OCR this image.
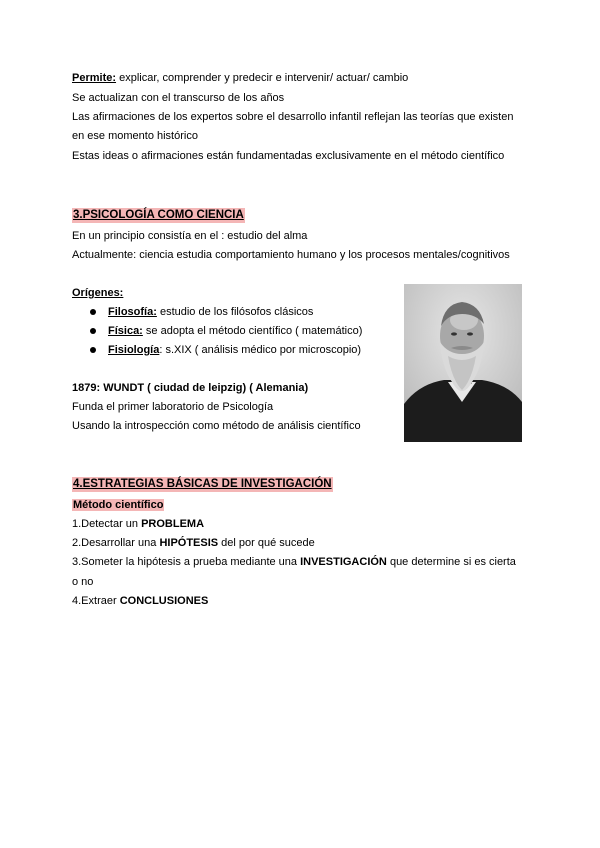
Permite: explicar, comprender y predecir e intervenir/ actuar/ cambio
Se actualizan con el transcurso de los años
Las afirmaciones de los expertos sobre el desarrollo infantil reflejan las teorías que existen
en ese momento histórico
Estas ideas o afirmaciones están fundamentadas exclusivamente en el método científico
3.PSICOLOGÍA COMO CIENCIA
En un principio consistía en el : estudio del alma
Actualmente: ciencia estudia comportamiento humano y los procesos mentales/cognitivos
Orígenes:
Filosofía: estudio de los filósofos clásicos
Física: se adopta el método científico ( matemático)
Fisiología: s.XIX ( análisis médico por microscopio)
1879: WUNDT ( ciudad de leipzig) ( Alemania)
Funda el primer laboratorio de Psicología
Usando la introspección como método de análisis científico
4.ESTRATEGIAS BÁSICAS DE INVESTIGACIÓN
Método científico
1.Detectar un PROBLEMA
2.Desarrollar una HIPÓTESIS del por qué sucede
3.Someter la hipótesis a prueba mediante una INVESTIGACIÓN que determine si es cierta
o no
4.Extraer CONCLUSIONES
